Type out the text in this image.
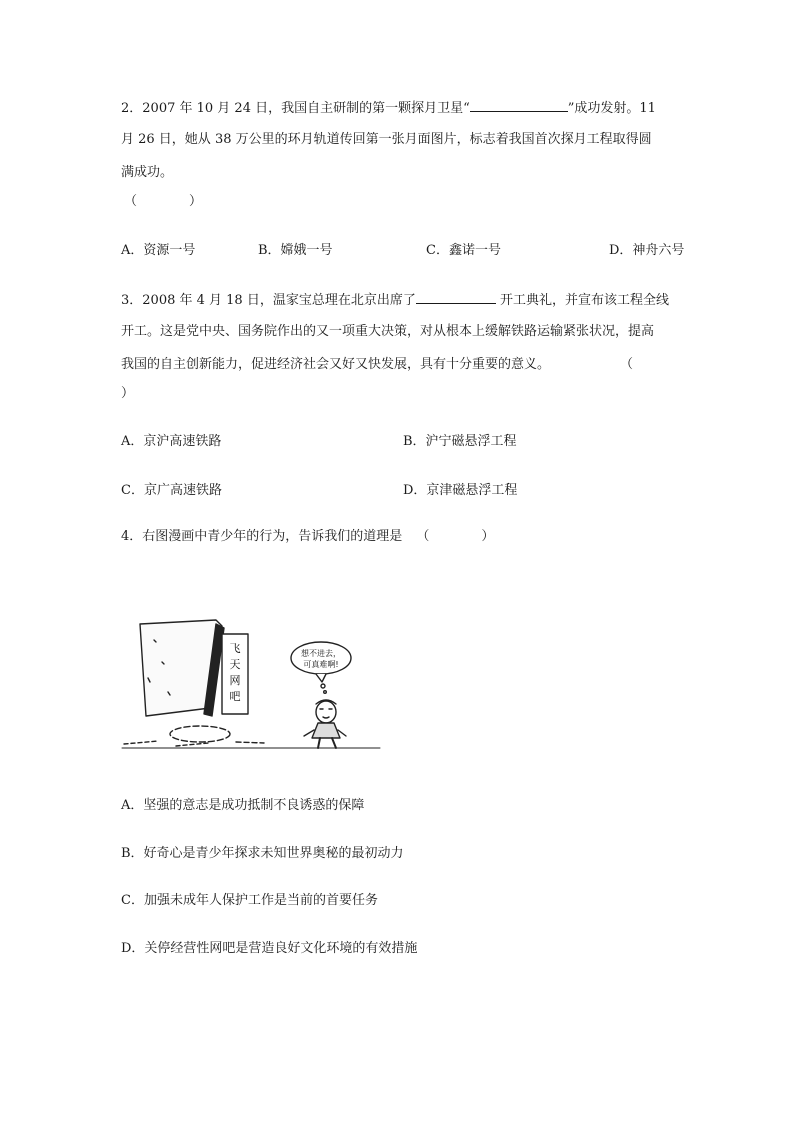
2．2007 年 10 月 24 日，我国自主研制的第一颗探月卫星“	”成功发射。11
月 26 日，她从 38 万公里的环月轨道传回第一张月面图片，标志着我国首次探月工程取得圆
满成功。
（　　　　）
A．资源一号	B．嫦娥一号	C．鑫诺一号	D．神舟六号
3．2008 年 4 月 18 日，温家宝总理在北京出席了	开工典礼，并宣布该工程全线
开工。这是党中央、国务院作出的又一项重大决策，对从根本上缓解铁路运输紧张状况，提高
我国的自主创新能力，促进经济社会又好又快发展，具有十分重要的意义。	（
）
A．京沪高速铁路	B．沪宁磁悬浮工程
C．京广高速铁路	D．京津磁悬浮工程
4．右图漫画中青少年的行为，告诉我们的道理是 （　　　　）
飞
天
网
吧
想不进去，
可真难啊!
A．坚强的意志是成功抵制不良诱惑的保障
B．好奇心是青少年探求未知世界奥秘的最初动力
C．加强未成年人保护工作是当前的首要任务
D．关停经营性网吧是营造良好文化环境的有效措施
